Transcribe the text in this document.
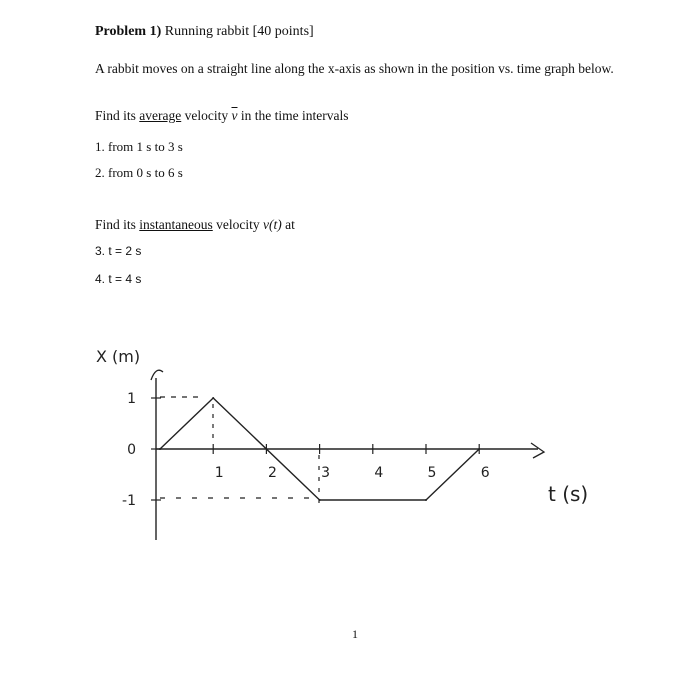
Problem 1) Running rabbit [40 points]
A rabbit moves on a straight line along the x-axis as shown in the position vs. time graph below.
Find its average velocity $\overline{v}$ in the time intervals
1. from 1 s to 3 s
2. from 0 s to 6 s
Find its instantaneous velocity v(t) at
3. t = 2 s
4. t = 4 s
X (m)
t (s)
1	2	3	4	5	6
1
0
-1
1
